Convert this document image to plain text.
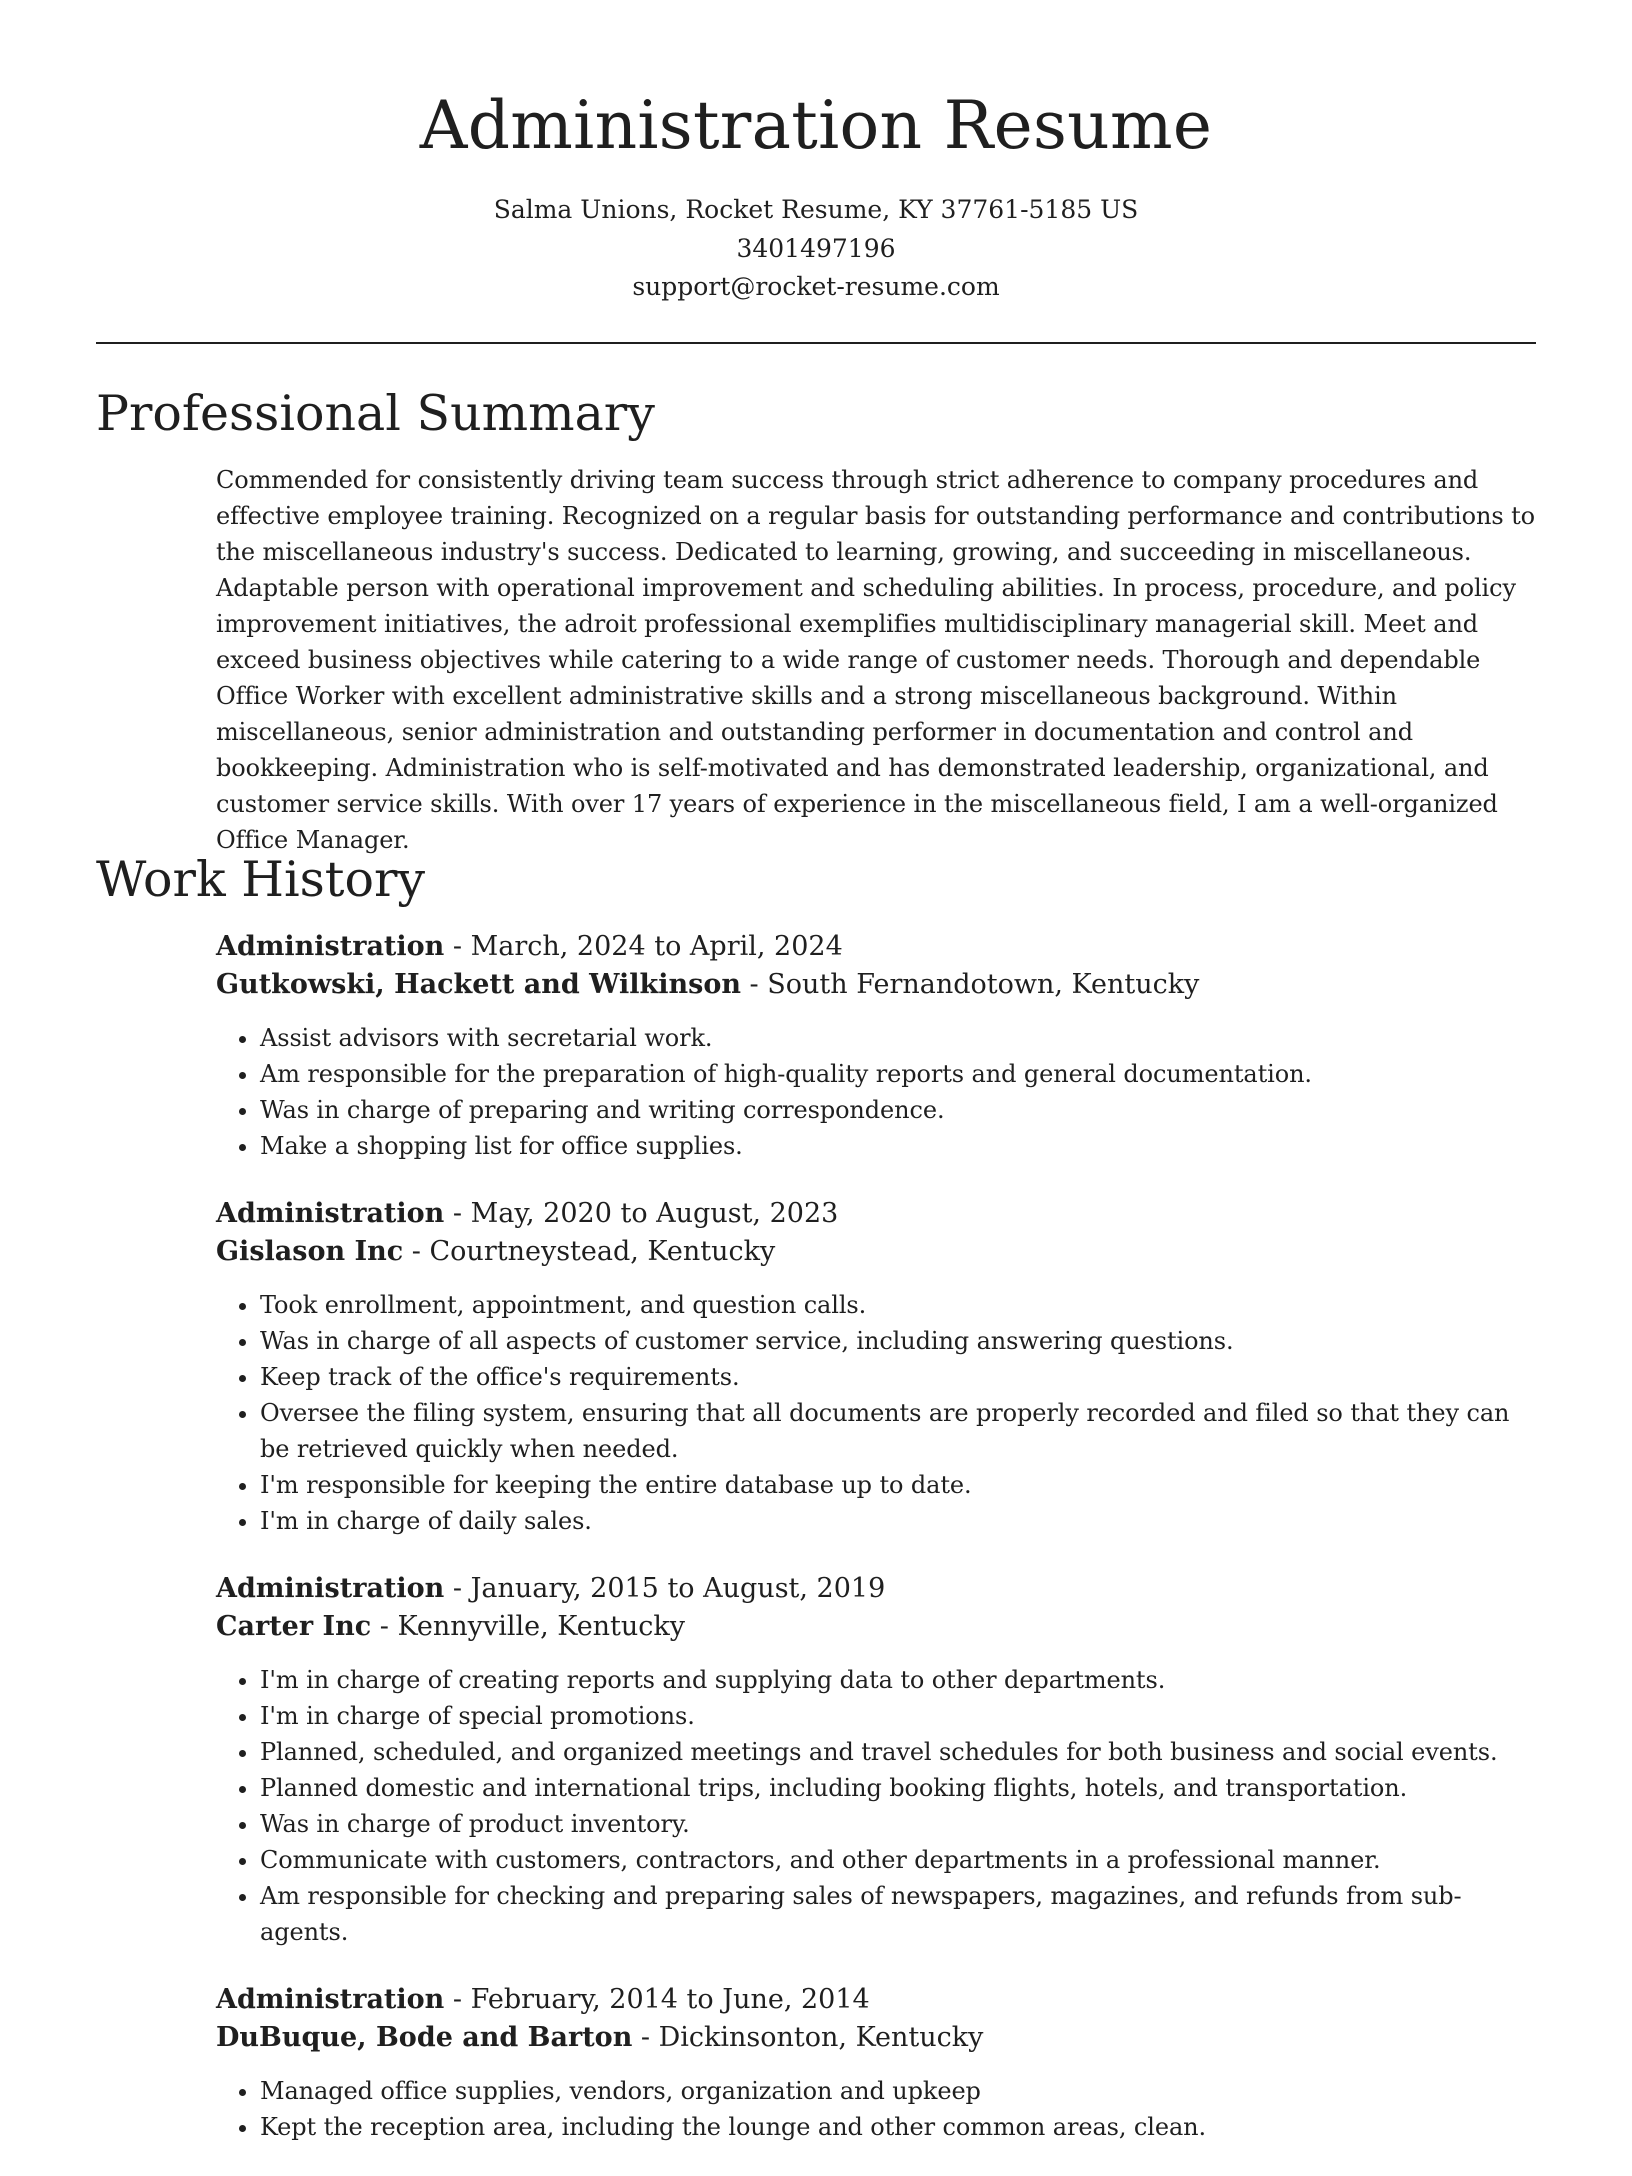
Administration Resume

Salma Unions, Rocket Resume, KY 37761-5185 US

3401497196

support@rocket-resume.com

Professional Summary

Commended for consistently driving team success through strict adherence to company procedures and effective employee training. Recognized on a regular basis for outstanding performance and contributions to the miscellaneous industry's success. Dedicated to learning, growing, and succeeding in miscellaneous. Adaptable person with operational improvement and scheduling abilities. In process, procedure, and policy improvement initiatives, the adroit professional exemplifies multidisciplinary managerial skill. Meet and exceed business objectives while catering to a wide range of customer needs. Thorough and dependable Office Worker with excellent administrative skills and a strong miscellaneous background. Within miscellaneous, senior administration and outstanding performer in documentation and control and bookkeeping. Administration who is self-motivated and has demonstrated leadership, organizational, and customer service skills. With over 17 years of experience in the miscellaneous field, I am a well-organized Office Manager.

Work History

Administration - March, 2024 to April, 2024

Gutkowski, Hackett and Wilkinson - South Fernandotown, Kentucky

• Assist advisors with secretarial work.
• Am responsible for the preparation of high-quality reports and general documentation.
• Was in charge of preparing and writing correspondence.
• Make a shopping list for office supplies.

Administration - May, 2020 to August, 2023

Gislason Inc - Courtneystead, Kentucky

• Took enrollment, appointment, and question calls.
• Was in charge of all aspects of customer service, including answering questions.
• Keep track of the office's requirements.
• Oversee the filing system, ensuring that all documents are properly recorded and filed so that they can be retrieved quickly when needed.
• I'm responsible for keeping the entire database up to date.
• I'm in charge of daily sales.

Administration - January, 2015 to August, 2019

Carter Inc - Kennyville, Kentucky

• I'm in charge of creating reports and supplying data to other departments.
• I'm in charge of special promotions.
• Planned, scheduled, and organized meetings and travel schedules for both business and social events.
• Planned domestic and international trips, including booking flights, hotels, and transportation.
• Was in charge of product inventory.
• Communicate with customers, contractors, and other departments in a professional manner.
• Am responsible for checking and preparing sales of newspapers, magazines, and refunds from sub-agents.

Administration - February, 2014 to June, 2014

DuBuque, Bode and Barton - Dickinsonton, Kentucky

• Managed office supplies, vendors, organization and upkeep
• Kept the reception area, including the lounge and other common areas, clean.
